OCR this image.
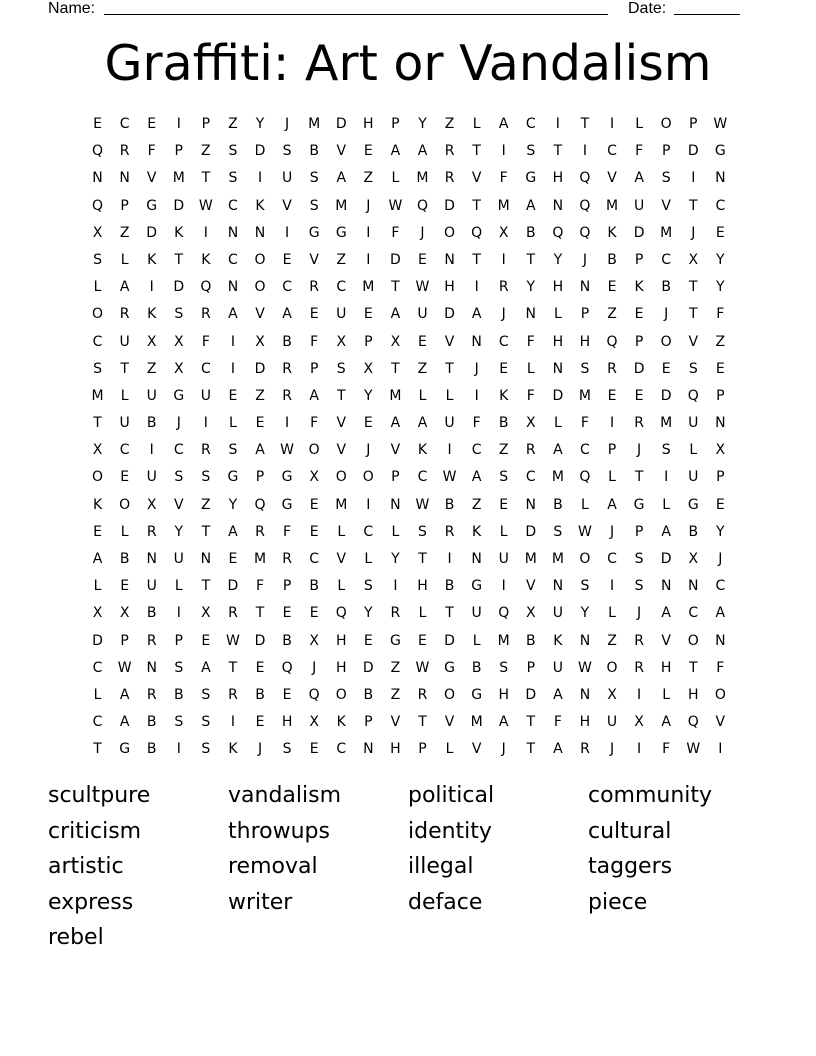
Name:	Date:
Graffiti: Art or Vandalism
E	C	E	I	P	Z	Y	J	M	D	H	P	Y	Z	L	A	C	I	T	I	L	O	P	W
Q	R	F	P	Z	S	D	S	B	V	E	A	A	R	T	I	S	T	I	C	F	P	D	G
N	N	V	M	T	S	I	U	S	A	Z	L	M	R	V	F	G	H	Q	V	A	S	I	N
Q	P	G	D	W	C	K	V	S	M	J	W	Q	D	T	M	A	N	Q	M	U	V	T	C
X	Z	D	K	I	N	N	I	G	G	I	F	J	O	Q	X	B	Q	Q	K	D	M	J	E
S	L	K	T	K	C	O	E	V	Z	I	D	E	N	T	I	T	Y	J	B	P	C	X	Y
L	A	I	D	Q	N	O	C	R	C	M	T	W	H	I	R	Y	H	N	E	K	B	T	Y
O	R	K	S	R	A	V	A	E	U	E	A	U	D	A	J	N	L	P	Z	E	J	T	F
C	U	X	X	F	I	X	B	F	X	P	X	E	V	N	C	F	H	H	Q	P	O	V	Z
S	T	Z	X	C	I	D	R	P	S	X	T	Z	T	J	E	L	N	S	R	D	E	S	E
M	L	U	G	U	E	Z	R	A	T	Y	M	L	L	I	K	F	D	M	E	E	D	Q	P
T	U	B	J	I	L	E	I	F	V	E	A	A	U	F	B	X	L	F	I	R	M	U	N
X	C	I	C	R	S	A	W	O	V	J	V	K	I	C	Z	R	A	C	P	J	S	L	X
O	E	U	S	S	G	P	G	X	O	O	P	C	W	A	S	C	M	Q	L	T	I	U	P
K	O	X	V	Z	Y	Q	G	E	M	I	N	W	B	Z	E	N	B	L	A	G	L	G	E
E	L	R	Y	T	A	R	F	E	L	C	L	S	R	K	L	D	S	W	J	P	A	B	Y
A	B	N	U	N	E	M	R	C	V	L	Y	T	I	N	U	M	M	O	C	S	D	X	J
L	E	U	L	T	D	F	P	B	L	S	I	H	B	G	I	V	N	S	I	S	N	N	C
X	X	B	I	X	R	T	E	E	Q	Y	R	L	T	U	Q	X	U	Y	L	J	A	C	A
D	P	R	P	E	W	D	B	X	H	E	G	E	D	L	M	B	K	N	Z	R	V	O	N
C	W	N	S	A	T	E	Q	J	H	D	Z	W	G	B	S	P	U	W	O	R	H	T	F
L	A	R	B	S	R	B	E	Q	O	B	Z	R	O	G	H	D	A	N	X	I	L	H	O
C	A	B	S	S	I	E	H	X	K	P	V	T	V	M	A	T	F	H	U	X	A	Q	V
T	G	B	I	S	K	J	S	E	C	N	H	P	L	V	J	T	A	R	J	I	F	W	I
scultpure	vandalism	political	community
criticism	throwups	identity	cultural
artistic	removal	illegal	taggers
express	writer	deface	piece
rebel
